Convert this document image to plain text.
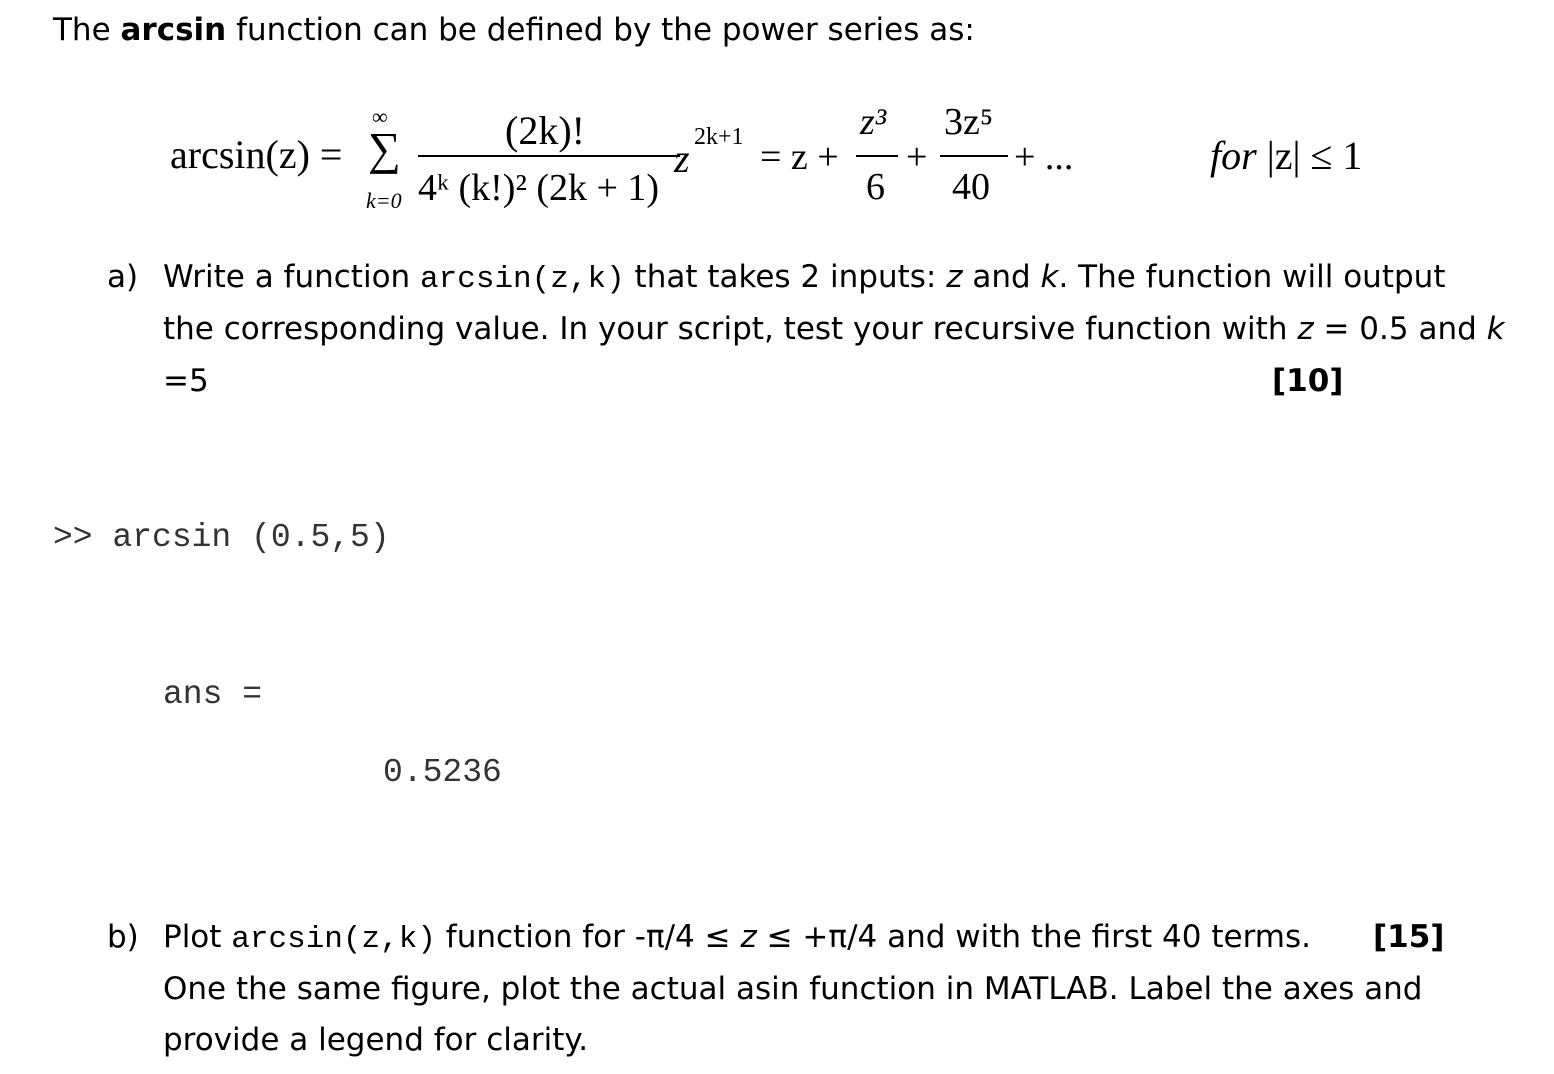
The arcsin function can be defined by the power series as:
arcsin(z) =
∞
∑
k=0
(2k)!
4ᵏ (k!)² (2k + 1)
z 2k+1 = z +
z³
6
+
3z⁵
40
+ ...	for |z| ≤ 1
a) Write a function arcsin(z,k) that takes 2 inputs: z and k. The function will output
the corresponding value. In your script, test your recursive function with z = 0.5 and k
=5	[10]
>> arcsin (0.5,5)
ans =
0.5236
b) Plot arcsin(z,k) function for -π/4 ≤ z ≤ +π/4 and with the first 40 terms. [15]
One the same figure, plot the actual asin function in MATLAB. Label the axes and
provide a legend for clarity.
